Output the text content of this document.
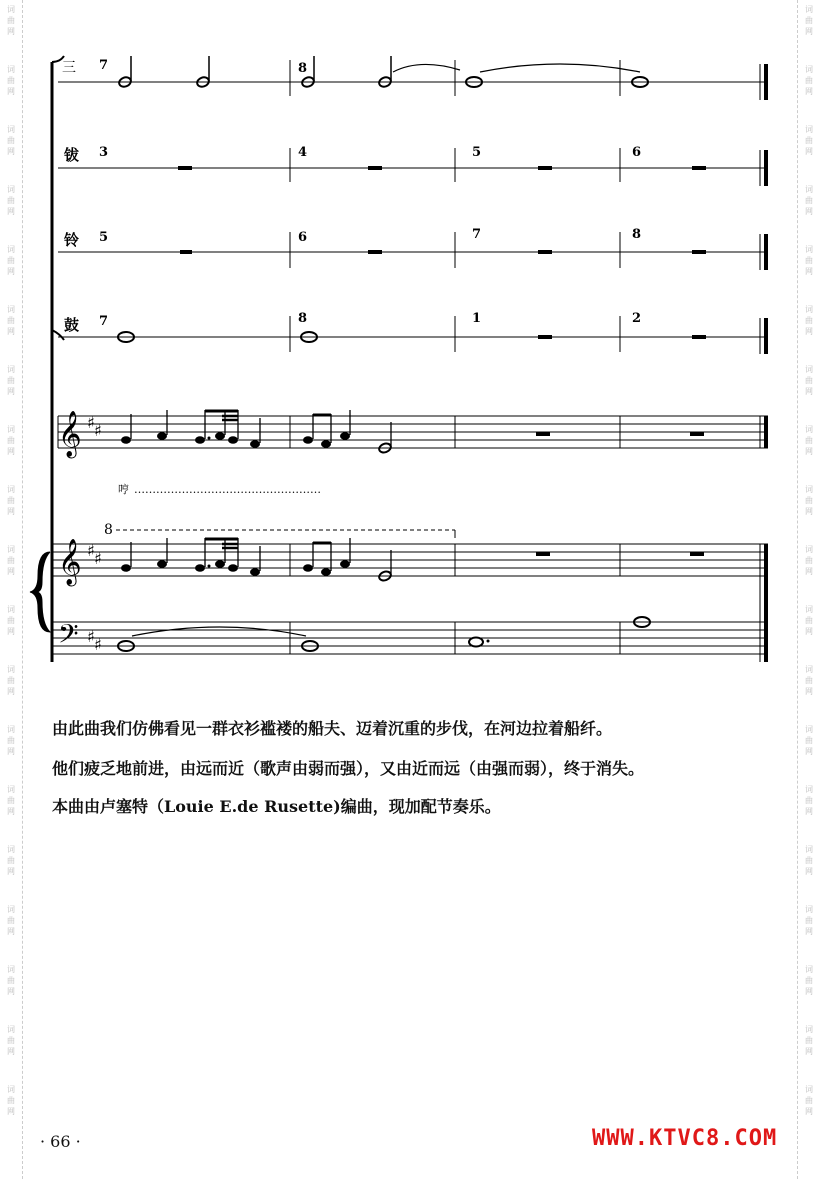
词
曲
网
词
曲
网
词
曲
网
词
曲
网
词
曲
网
词
曲
网
词
曲
网
词
曲
网
词
曲
网
词
曲
网
词
曲
网
词
曲
网
词
曲
网
词
曲
网
词
曲
网
词
曲
网
词
曲
网
词
曲
网
词
曲
网
词
曲
网
词
曲
网
词
曲
网
词
曲
网
词
曲
网
词
曲
网
词
曲
网
词
曲
网
词
曲
网
词
曲
网
词
曲
网
词
曲
网
词
曲
网
词
曲
网
词
曲
网
词
曲
网
词
曲
网
词
曲
网
词
曲
网
三 7	8
钹 3	4	5	6
铃 5	6	7	8
鼓 7	8	1	2
𝄞 ♯ ♯
哼 ……………………………………………
8
𝄞 ♯ ♯
𝄢 ♯ ♯
由此曲我们仿佛看见一群衣衫褴褛的船夫、迈着沉重的步伐，在河边拉着船纤。
他们疲乏地前进，由远而近（歌声由弱而强），又由近而远（由强而弱），终于消失。
本曲由卢塞特（Louie E.de Rusette)编曲，现加配节奏乐。
· 66 ·	WWW.KTVC8.COM
